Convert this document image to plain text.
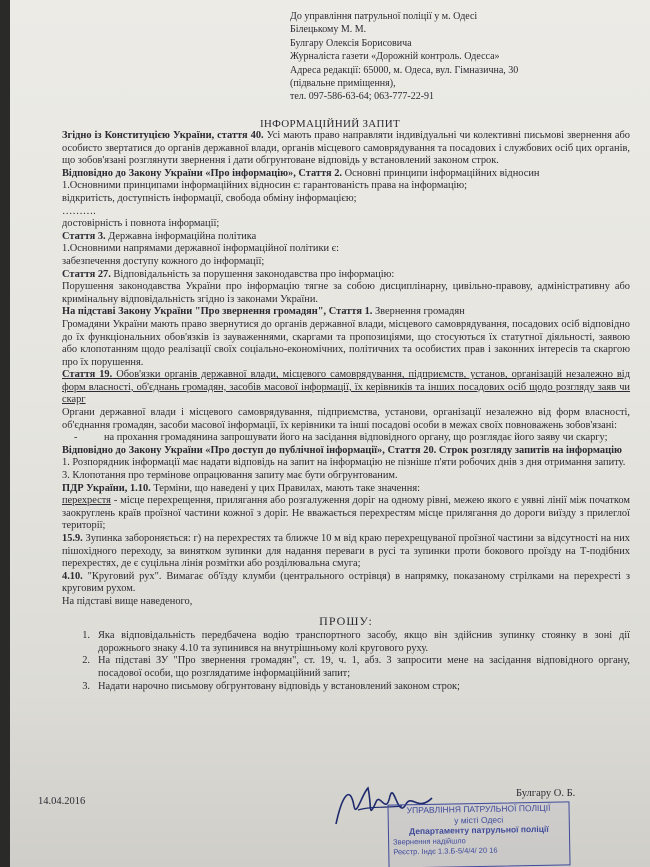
До управління патрульної поліції у м. Одесі
Білецькому М. М.
Булгару Олексія Борисовича
Журналіста газети «Дорожній контроль. Одесса»
Адреса редакції: 65000, м. Одеса, вул. Гімназична, 30
(підвальне приміщення),
тел. 097-586-63-64; 063-777-22-91
ІНФОРМАЦІЙНИЙ ЗАПИТ

Згідно із Конституцією України, стаття 40. Усі мають право направляти індивідуальні чи колективні письмові звернення або особисто звертатися до органів державної влади, органів місцевого самоврядування та посадових і службових осіб цих органів, що зобов'язані розглянути звернення і дати обгрунтоване відповідь у встановлений законом строк.

Відповідно до Закону України «Про інформацію», Стаття 2. Основні принципи інформаційних відносин

1.Основними принципами інформаційних відносин є: гарантованість права на інформацію;

відкритість, доступність інформації, свобода обміну інформацією;

……….

достовірність і повнота інформації;

Стаття 3. Державна інформаційна політика

1.Основними напрямами державної інформаційної політики є:

забезпечення доступу кожного до інформації;

Стаття 27. Відповідальність за порушення законодавства про інформацію:

Порушення законодавства України про інформацію тягне за собою дисциплінарну, цивільно-правову, адміністративну або кримінальну відповідальність згідно із законами України.

На підставі Закону України "Про звернення громадян", Стаття 1. Звернення громадян

Громадяни України мають право звернутися до органів державної влади, місцевого самоврядування, посадових осіб відповідно до їх функціональних обов'язків із зауваженнями, скаргами та пропозиціями, що стосуються їх статутної діяльності, заявою або клопотанням щодо реалізації своїх соціально-економічних, політичних та особистих прав і законних інтересів та скаргою про їх порушення.

Стаття 19. Обов'язки органів державної влади, місцевого самоврядування, підприємств, установ, організацій незалежно від форм власності, об'єднань громадян, засобів масової інформації, їх керівників та інших посадових осіб щодо розгляду заяв чи скарг

Органи державної влади і місцевого самоврядування, підприємства, установи, організації незалежно від форм власності, об'єднання громадян, засоби масової інформації, їх керівники та інші посадові особи в межах своїх повноважень зобов'язані:

-	на прохання громадянина запрошувати його на засідання відповідного органу, що розглядає його заяву чи скаргу;

Відповідно до Закону України «Про доступ до публічної інформації», Стаття 20. Строк розгляду запитів на інформацію

1. Розпорядник інформації має надати відповідь на запит на інформацію не пізніше п'яти робочих днів з дня отримання запиту.

3. Клопотання про термінове опрацювання запиту має бути обгрунтованим.

ПДР України, 1.10. Терміни, що наведені у цих Правилах, мають таке значення:

перехрестя - місце перехрещення, прилягання або розгалуження доріг на одному рівні, межею якого є уявні лінії між початком заокруглень країв проїзної частини кожної з доріг. Не вважається перехрестям місце прилягання до дороги виїзду з прилеглої території;

15.9. Зупинка забороняється: г) на перехрестях та ближче 10 м від краю перехрещуваної проїзної частини за відсутності на них пішохідного переходу, за винятком зупинки для надання переваги в русі та зупинки проти бокового проїзду на Т-подібних перехрестях, де є суцільна лінія розмітки або розділювальна смуга;

4.10. "Круговий рух". Вимагає об'їзду клумби (центрального острівця) в напрямку, показаному стрілками на перехресті з круговим рухом.

На підставі вище наведеного,

ПРОШУ:
1. Яка відповідальність передбачена водію транспортного засобу, якщо він здійснив зупинку стоянку в зоні дії дорожнього знаку 4.10 та зупинився на внутрішньому колі кругового руху.
2. На підставі ЗУ "Про звернення громадян", ст. 19, ч. 1, абз. 3 запросити мене на засідання відповідного органу, посадової особи, що розглядатиме інформаційний запит;
3. Надати нарочно письмову обгрунтовану відповідь у встановлений законом строк;
14.04.2016
Булгару О. Б.
УПРАВЛІННЯ ПАТРУЛЬНОЇ ПОЛІЦІЇ
у місті Одесі
Департаменту патрульної поліції
Звернення надійшло
Реєстр. Індє 1.3.Б-5/4/4/ 20 16
